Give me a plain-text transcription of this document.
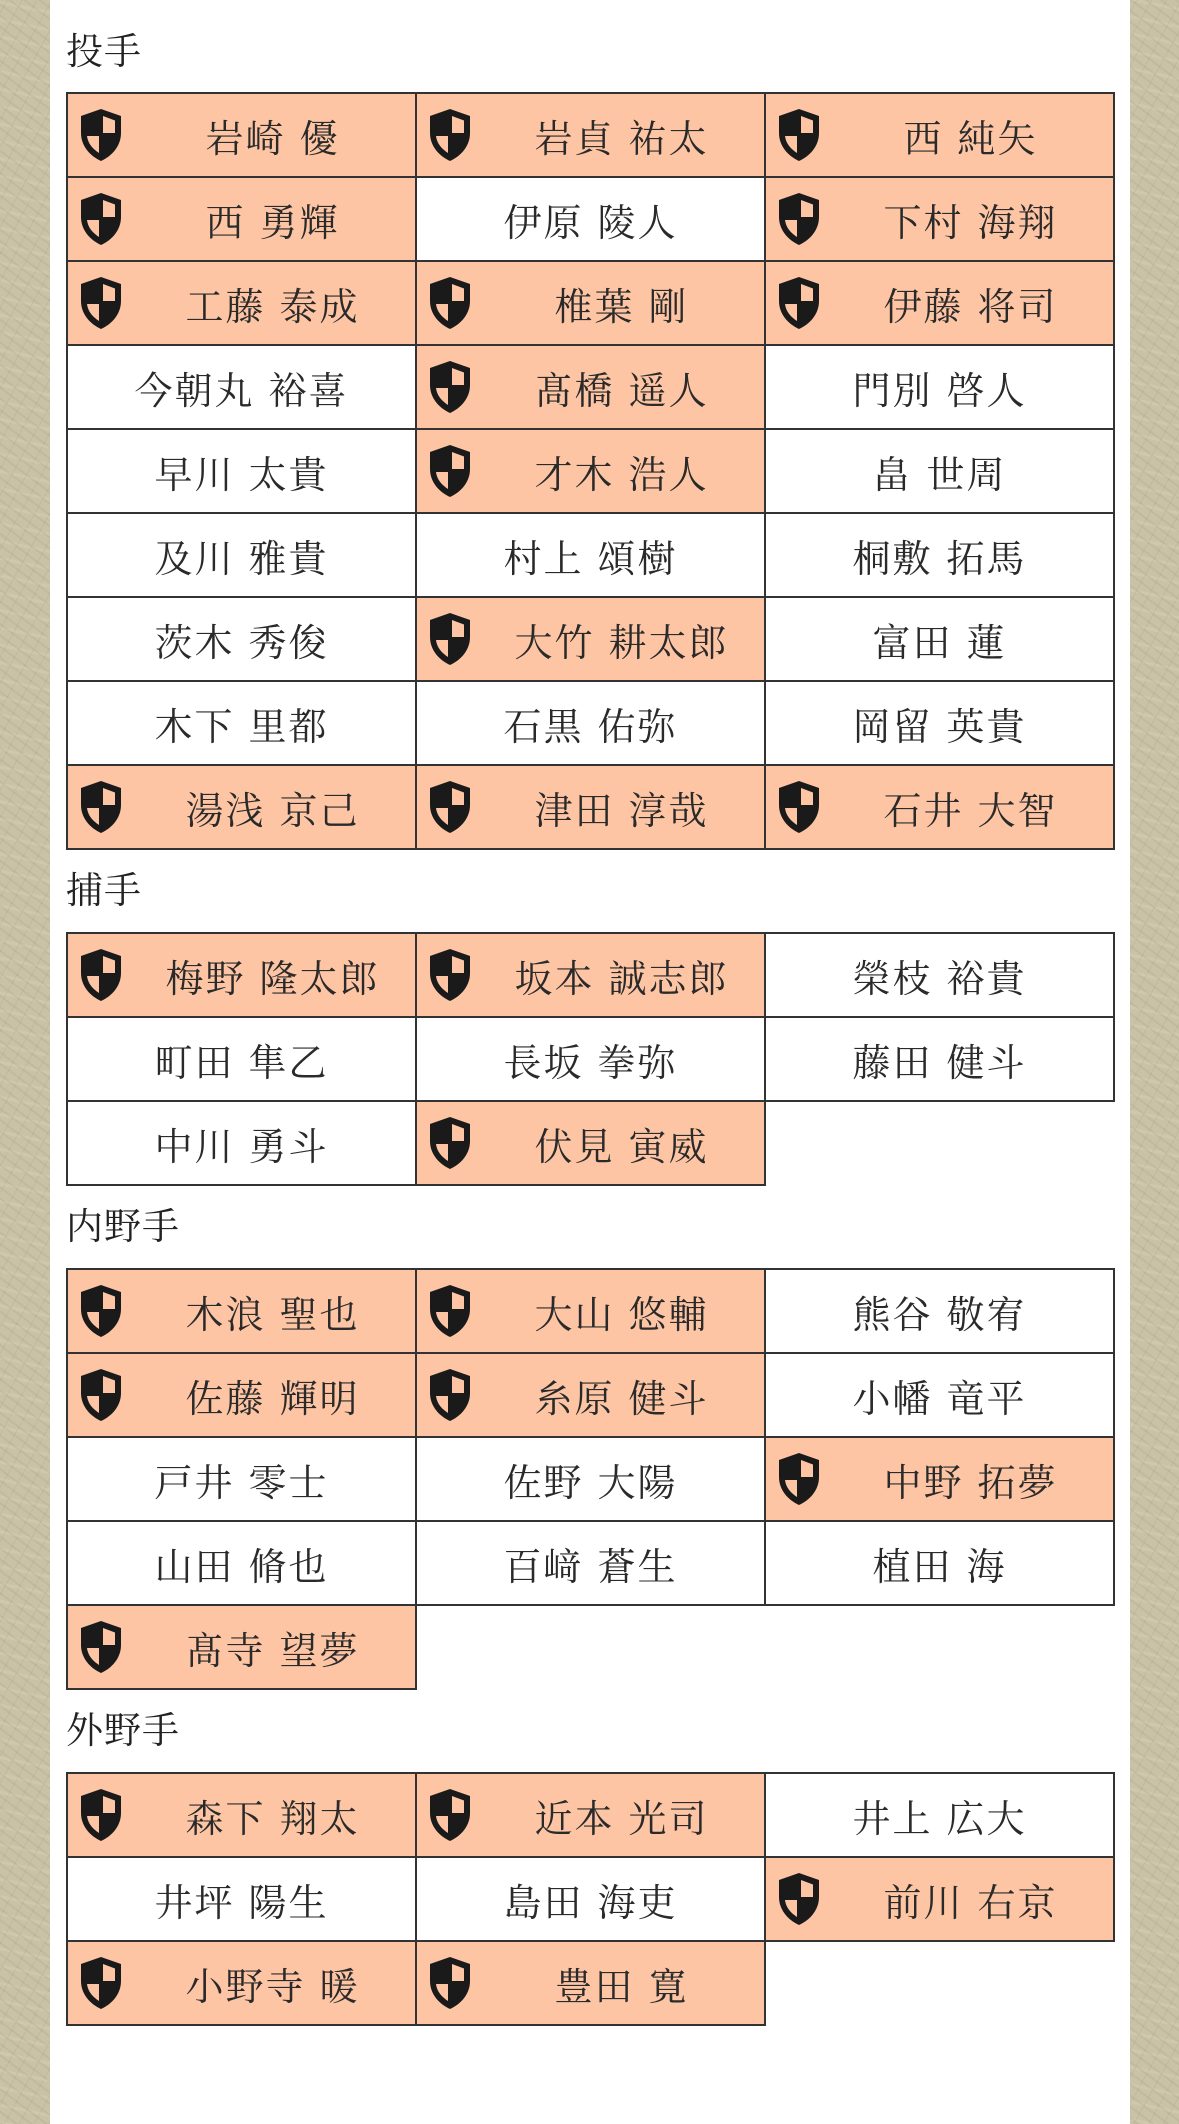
投手
岩崎 優	岩貞 祐太	西 純矢
西 勇輝	伊原 陵人	下村 海翔
工藤 泰成	椎葉 剛	伊藤 将司
今朝丸 裕喜	髙橋 遥人	門別 啓人
早川 太貴	才木 浩人	畠 世周
及川 雅貴	村上 頌樹	桐敷 拓馬
茨木 秀俊	大竹 耕太郎	富田 蓮
木下 里都	石黒 佑弥	岡留 英貴
湯浅 京己	津田 淳哉	石井 大智
捕手
梅野 隆太郎	坂本 誠志郎	榮枝 裕貴
町田 隼乙	長坂 拳弥	藤田 健斗
中川 勇斗	伏見 寅威
内野手
木浪 聖也	大山 悠輔	熊谷 敬宥
佐藤 輝明	糸原 健斗	小幡 竜平
戸井 零士	佐野 大陽	中野 拓夢
山田 脩也	百﨑 蒼生	植田 海
髙寺 望夢
外野手
森下 翔太	近本 光司	井上 広大
井坪 陽生	島田 海吏	前川 右京
小野寺 暖	豊田 寛
